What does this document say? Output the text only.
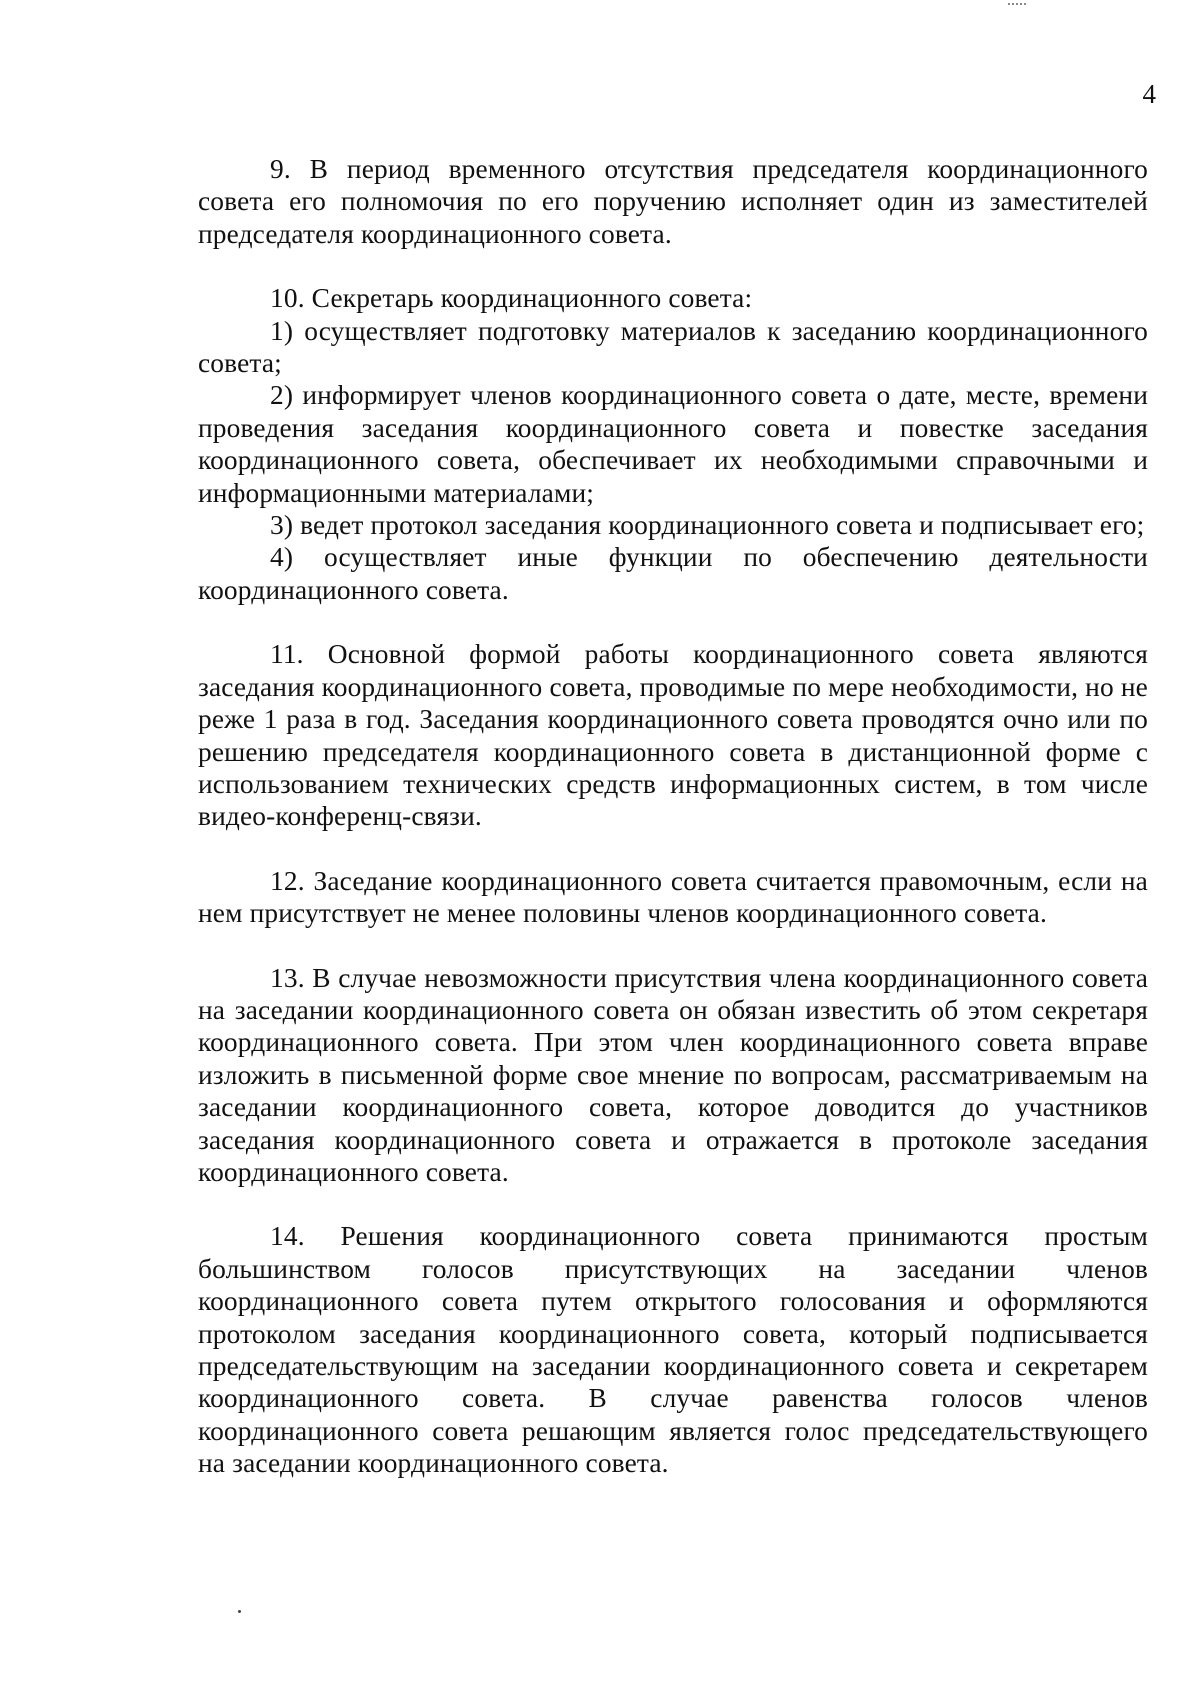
4

9. В период временного отсутствия председателя координационного совета его полномочия по его поручению исполняет один из заместителей председателя координационного совета.

10. Секретарь координационного совета:

1) осуществляет подготовку материалов к заседанию координационного совета;

2) информирует членов координационного совета о дате, месте, времени проведения заседания координационного совета и повестке заседания координационного совета, обеспечивает их необходимыми справочными и информационными материалами;

3) ведет протокол заседания координационного совета и подписывает его;

4) осуществляет иные функции по обеспечению деятельности координационного совета.

11. Основной формой работы координационного совета являются заседания координационного совета, проводимые по мере необходимости, но не реже 1 раза в год. Заседания координационного совета проводятся очно или по решению председателя координационного совета в дистанционной форме с использованием технических средств информационных систем, в том числе видео-конференц-связи.

12. Заседание координационного совета считается правомочным, если на нем присутствует не менее половины членов координационного совета.

13. В случае невозможности присутствия члена координационного совета на заседании координационного совета он обязан известить об этом секретаря координационного совета. При этом член координационного совета вправе изложить в письменной форме свое мнение по вопросам, рассматриваемым на заседании координационного совета, которое доводится до участников заседания координационного совета и отражается в протоколе заседания координационного совета.

14. Решения координационного совета принимаются простым большинством голосов присутствующих на заседании членов координационного совета путем открытого голосования и оформляются протоколом заседания координационного совета, который подписывается председательствующим на заседании координационного совета и секретарем координационного совета. В случае равенства голосов членов координационного совета решающим является голос председательствующего на заседании координационного совета.
